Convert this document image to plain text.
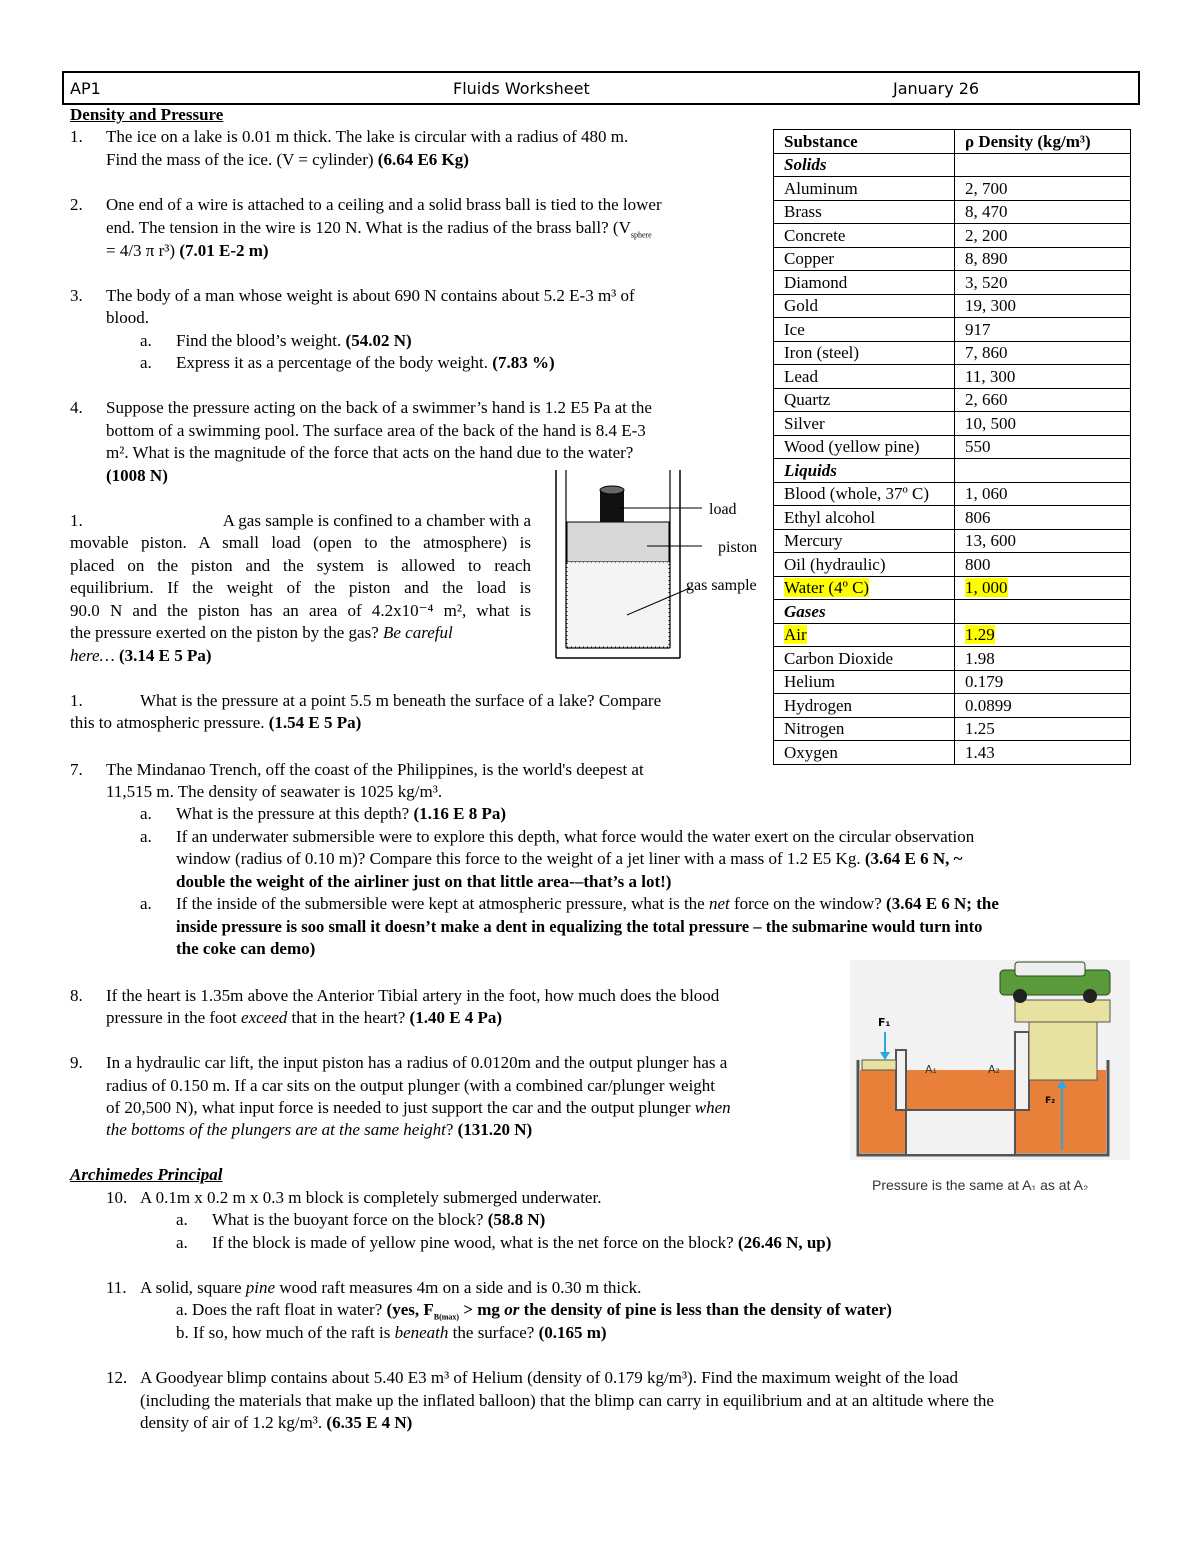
AP1	Fluids Worksheet	January 26
Density and Pressure
1. The ice on a lake is 0.01 m thick. The lake is circular with a radius of 480 m.
Find the mass of the ice. (V = cylinder) (6.64 E6 Kg)
2. One end of a wire is attached to a ceiling and a solid brass ball is tied to the lower
end. The tension in the wire is 120 N. What is the radius of the brass ball? ($V_{sphere}$
= 4/3 π r³) (7.01 E-2 m)
3. The body of a man whose weight is about 690 N contains about 5.2 E-3 m³ of
blood.
a. Find the blood’s weight. (54.02 N)
a. Express it as a percentage of the body weight. (7.83 %)
4. Suppose the pressure acting on the back of a swimmer’s hand is 1.2 E5 Pa at the
bottom of a swimming pool. The surface area of the back of the hand is 8.4 E-3
m². What is the magnitude of the force that acts on the hand due to the water?
(1008 N)
1.	A gas sample is confined to a chamber with a
movable piston. A small load (open to the atmosphere) is
placed on the piston and the system is allowed to reach
equilibrium. If the weight of the piston and the load is
90.0 N and the piston has an area of 4.2x10⁻⁴ m², what is
the pressure exerted on the piston by the gas? Be careful
here… (3.14 E 5 Pa)
load
piston
gas sample
1.	What is the pressure at a point 5.5 m beneath the surface of a lake? Compare
this to atmospheric pressure. (1.54 E 5 Pa)
7. The Mindanao Trench, off the coast of the Philippines, is the world's deepest at
11,515 m. The density of seawater is 1025 kg/m³.
a. What is the pressure at this depth? (1.16 E 8 Pa)
a. If an underwater submersible were to explore this depth, what force would the water exert on the circular observation
window (radius of 0.10 m)? Compare this force to the weight of a jet liner with a mass of 1.2 E5 Kg. (3.64 E 6 N, ~
double the weight of the airliner just on that little area-–that’s a lot!)
a. If the inside of the submersible were kept at atmospheric pressure, what is the net force on the window? (3.64 E 6 N; the
inside pressure is soo small it doesn’t make a dent in equalizing the total pressure – the submarine would turn into
the coke can demo)
8. If the heart is 1.35m above the Anterior Tibial artery in the foot, how much does the blood
pressure in the foot exceed that in the heart? (1.40 E 4 Pa)
9. In a hydraulic car lift, the input piston has a radius of 0.0120m and the output plunger has a
radius of 0.150 m. If a car sits on the output plunger (with a combined car/plunger weight
of 20,500 N), what input force is needed to just support the car and the output plunger when
the bottoms of the plungers are at the same height? (131.20 N)
F₁
F₂
A₁	A₂
Pressure is the same at A₁ as at A₂
Archimedes Principal
10. A 0.1m x 0.2 m x 0.3 m block is completely submerged underwater.
a. What is the buoyant force on the block? (58.8 N)
a. If the block is made of yellow pine wood, what is the net force on the block? (26.46 N, up)
11. A solid, square pine wood raft measures 4m on a side and is 0.30 m thick.
a. Does the raft float in water? (yes, $F_{B(max)}$ > mg or the density of pine is less than the density of water)
b. If so, how much of the raft is beneath the surface? (0.165 m)
12. A Goodyear blimp contains about 5.40 E3 m³ of Helium (density of 0.179 kg/m³). Find the maximum weight of the load
(including the materials that make up the inflated balloon) that the blimp can carry in equilibrium and at an altitude where the
density of air of 1.2 kg/m³. (6.35 E 4 N)
Substance	ρ Density (kg/m³)
Solids	
Aluminum	2, 700
Brass	8, 470
Concrete	2, 200
Copper	8, 890
Diamond	3, 520
Gold	19, 300
Ice	917
Iron (steel)	7, 860
Lead	11, 300
Quartz	2, 660
Silver	10, 500
Wood (yellow pine)	550
Liquids	
Blood (whole, 37º C)	1, 060
Ethyl alcohol	806
Mercury	13, 600
Oil (hydraulic)	800
Water (4º C)	1, 000
Gases	
Air	1.29
Carbon Dioxide	1.98
Helium	0.179
Hydrogen	0.0899
Nitrogen	1.25
Oxygen	1.43
